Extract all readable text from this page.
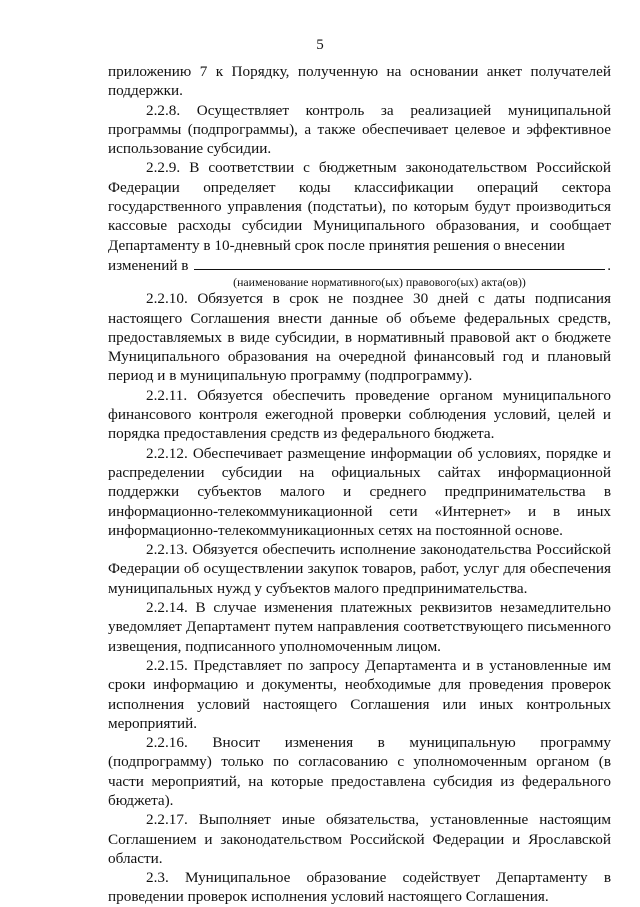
5

приложению 7 к Порядку, полученную на основании анкет получателей поддержки.

2.2.8. Осуществляет контроль за реализацией муниципальной программы (подпрограммы), а также обеспечивает целевое и эффективное использование субсидии.

2.2.9. В соответствии с бюджетным законодательством Российской Федерации определяет коды классификации операций сектора государственного управления (подстатьи), по которым будут производиться кассовые расходы субсидии Муниципального образования, и сообщает Департаменту в 10-дневный срок после принятия решения о внесении

изменений в	.

(наименование нормативного(ых) правового(ых) акта(ов))

2.2.10. Обязуется в срок не позднее 30 дней с даты подписания настоящего Соглашения внести данные об объеме федеральных средств, предоставляемых в виде субсидии, в нормативный правовой акт о бюджете Муниципального образования на очередной финансовый год и плановый период и в муниципальную программу (подпрограмму).

2.2.11. Обязуется обеспечить проведение органом муниципального финансового контроля ежегодной проверки соблюдения условий, целей и порядка предоставления средств из федерального бюджета.

2.2.12. Обеспечивает размещение информации об условиях, порядке и распределении субсидии на официальных сайтах информационной поддержки субъектов малого и среднего предпринимательства в информационно-телекоммуникационной сети «Интернет» и в иных информационно-телекоммуникационных сетях на постоянной основе.

2.2.13. Обязуется обеспечить исполнение законодательства Российской Федерации об осуществлении закупок товаров, работ, услуг для обеспечения муниципальных нужд у субъектов малого предпринимательства.

2.2.14. В случае изменения платежных реквизитов незамедлительно уведомляет Департамент путем направления соответствующего письменного извещения, подписанного уполномоченным лицом.

2.2.15. Представляет по запросу Департамента и в установленные им сроки информацию и документы, необходимые для проведения проверок исполнения условий настоящего Соглашения или иных контрольных мероприятий.

2.2.16. Вносит изменения в муниципальную программу (подпрограмму) только по согласованию с уполномоченным органом (в части мероприятий, на которые предоставлена субсидия из федерального бюджета).

2.2.17. Выполняет иные обязательства, установленные настоящим Соглашением и законодательством Российской Федерации и Ярославской области.

2.3. Муниципальное образование содействует Департаменту в проведении проверок исполнения условий настоящего Соглашения.
